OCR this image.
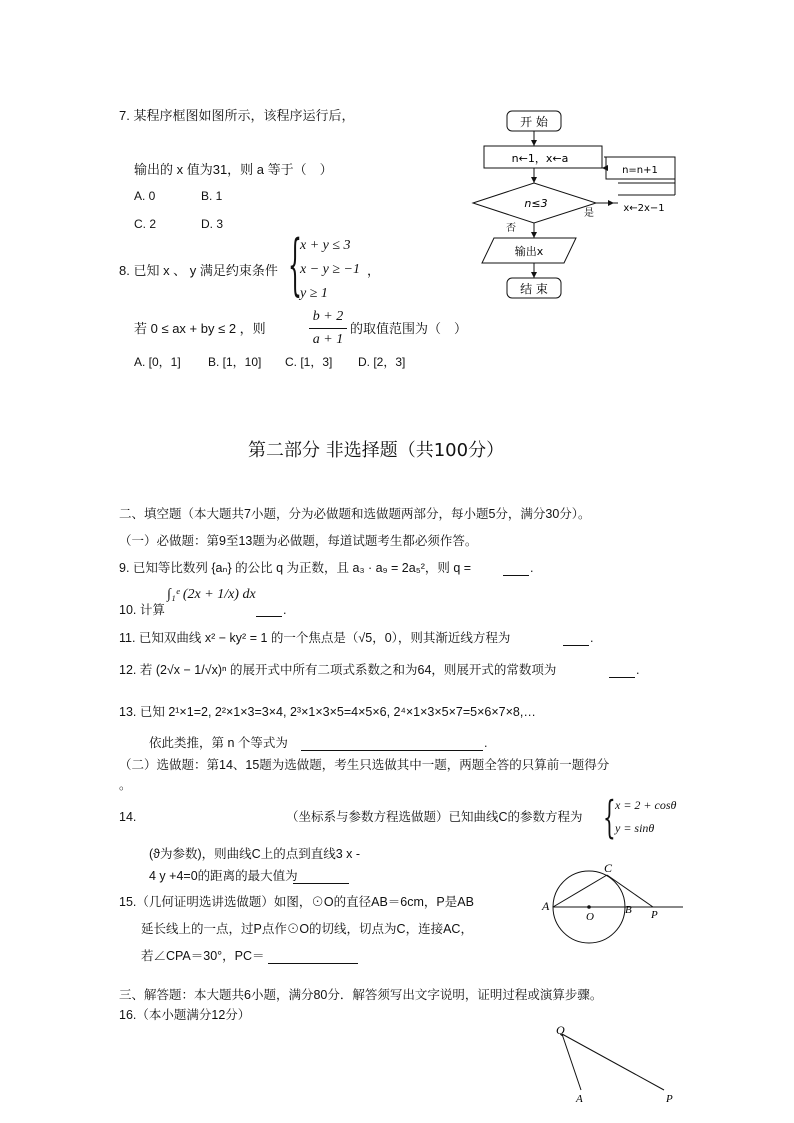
7. 某程序框图如图所示，该程序运行后，
输出的 x 值为31，则 a 等于（　）
A. 0	B. 1
C. 2	D. 3
开 始
n←1，x←a
n≤3
是
否
n=n+1
x←2x−1
输出x
结 束
8. 已知 x 、 y 满足约束条件 {
x + y ≤ 3
x − y ≥ −1
y ≥ 1
，
若 0 ≤ ax + by ≤ 2 ，则
b + 2
a + 1
的取值范围为（　）
A. [0，1] B. [1，10] C. [1，3] D. [2，3]
第二部分 非选择题（共100分）
二、填空题（本大题共7小题，分为必做题和选做题两部分，每小题5分，满分30分）。
（一）必做题：第9至13题为必做题，每道试题考生都必须作答。
9. 已知等比数列 {aₙ} 的公比 q 为正数，且 a₃ · a₉ = 2a₅²，则 q =	.
10. 计算
∫₁ᵉ (2x + 1/x) dx
.
11. 已知双曲线 x² − ky² = 1 的一个焦点是（√5，0），则其渐近线方程为	.
12. 若 (2√x − 1/√x)ⁿ 的展开式中所有二项式系数之和为64，则展开式的常数项为	.
13. 已知 2¹×1=2, 2²×1×3=3×4, 2³×1×3×5=4×5×6, 2⁴×1×3×5×7=5×6×7×8,…
依此类推，第 n 个等式为	.
（二）选做题：第14、15题为选做题，考生只选做其中一题，两题全答的只算前一题得分
。
14.	（坐标系与参数方程选做题）已知曲线C的参数方程为 { x = 2 + cosθ
y = sinθ
(ϑ为参数)，则曲线C上的点到直线3 x -
4 y +4=0的距离的最大值为
15.（几何证明选讲选做题）如图，⊙O的直径AB＝6cm，P是AB
延长线上的一点，过P点作⊙O的切线，切点为C，连接AC，
若∠CPA＝30°，PC＝
C
A
O
B P
三、解答题：本大题共6小题，满分80分．解答须写出文字说明，证明过程或演算步骤。
16.（本小题满分12分）
Q
A	P
